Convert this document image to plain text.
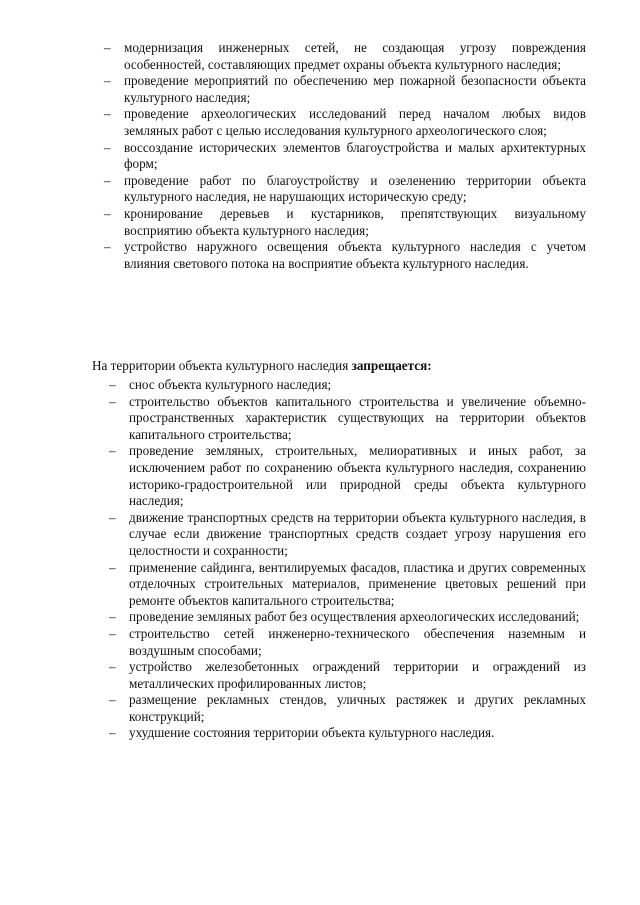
– модернизация инженерных сетей, не создающая угрозу повреждения особенностей, составляющих предмет охраны объекта культурного наследия;
– проведение мероприятий по обеспечению мер пожарной безопасности объекта культурного наследия;
– проведение археологических исследований перед началом любых видов земляных работ с целью исследования культурного археологического слоя;
– воссоздание исторических элементов благоустройства и малых архитектурных форм;
– проведение работ по благоустройству и озеленению территории объекта культурного наследия, не нарушающих историческую среду;
– кронирование деревьев и кустарников, препятствующих визуальному восприятию объекта культурного наследия;
– устройство наружного освещения объекта культурного наследия с учетом влияния светового потока на восприятие объекта культурного наследия.
На территории объекта культурного наследия запрещается:
– снос объекта культурного наследия;
– строительство объектов капитального строительства и увеличение объемно-пространственных характеристик существующих на территории объектов капитального строительства;
– проведение земляных, строительных, мелиоративных и иных работ, за исключением работ по сохранению объекта культурного наследия, сохранению историко-градостроительной или природной среды объекта культурного наследия;
– движение транспортных средств на территории объекта культурного наследия, в случае если движение транспортных средств создает угрозу нарушения его целостности и сохранности;
– применение сайдинга, вентилируемых фасадов, пластика и других современных отделочных строительных материалов, применение цветовых решений при ремонте объектов капитального строительства;
– проведение земляных работ без осуществления археологических исследований;
– строительство сетей инженерно-технического обеспечения наземным и воздушным способами;
– устройство железобетонных ограждений территории и ограждений из металлических профилированных листов;
– размещение рекламных стендов, уличных растяжек и других рекламных конструкций;
– ухудшение состояния территории объекта культурного наследия.
